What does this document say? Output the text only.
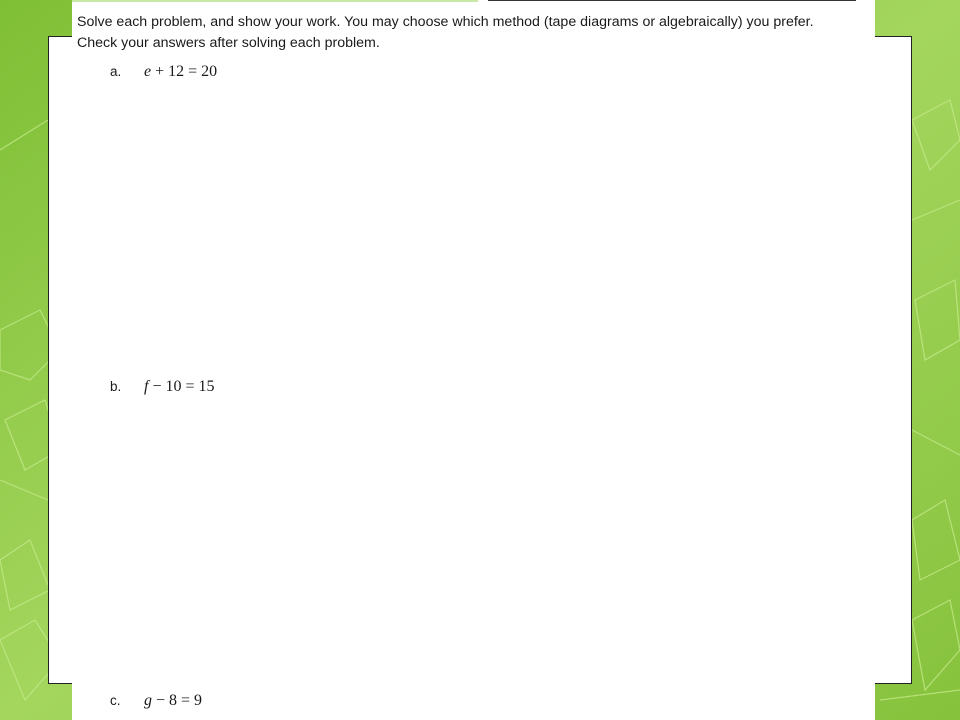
Solve each problem, and show your work. You may choose which method (tape diagrams or algebraically) you prefer.
Check your answers after solving each problem.

a. e + 12 = 20
b. f − 10 = 15
c. g − 8 = 9
